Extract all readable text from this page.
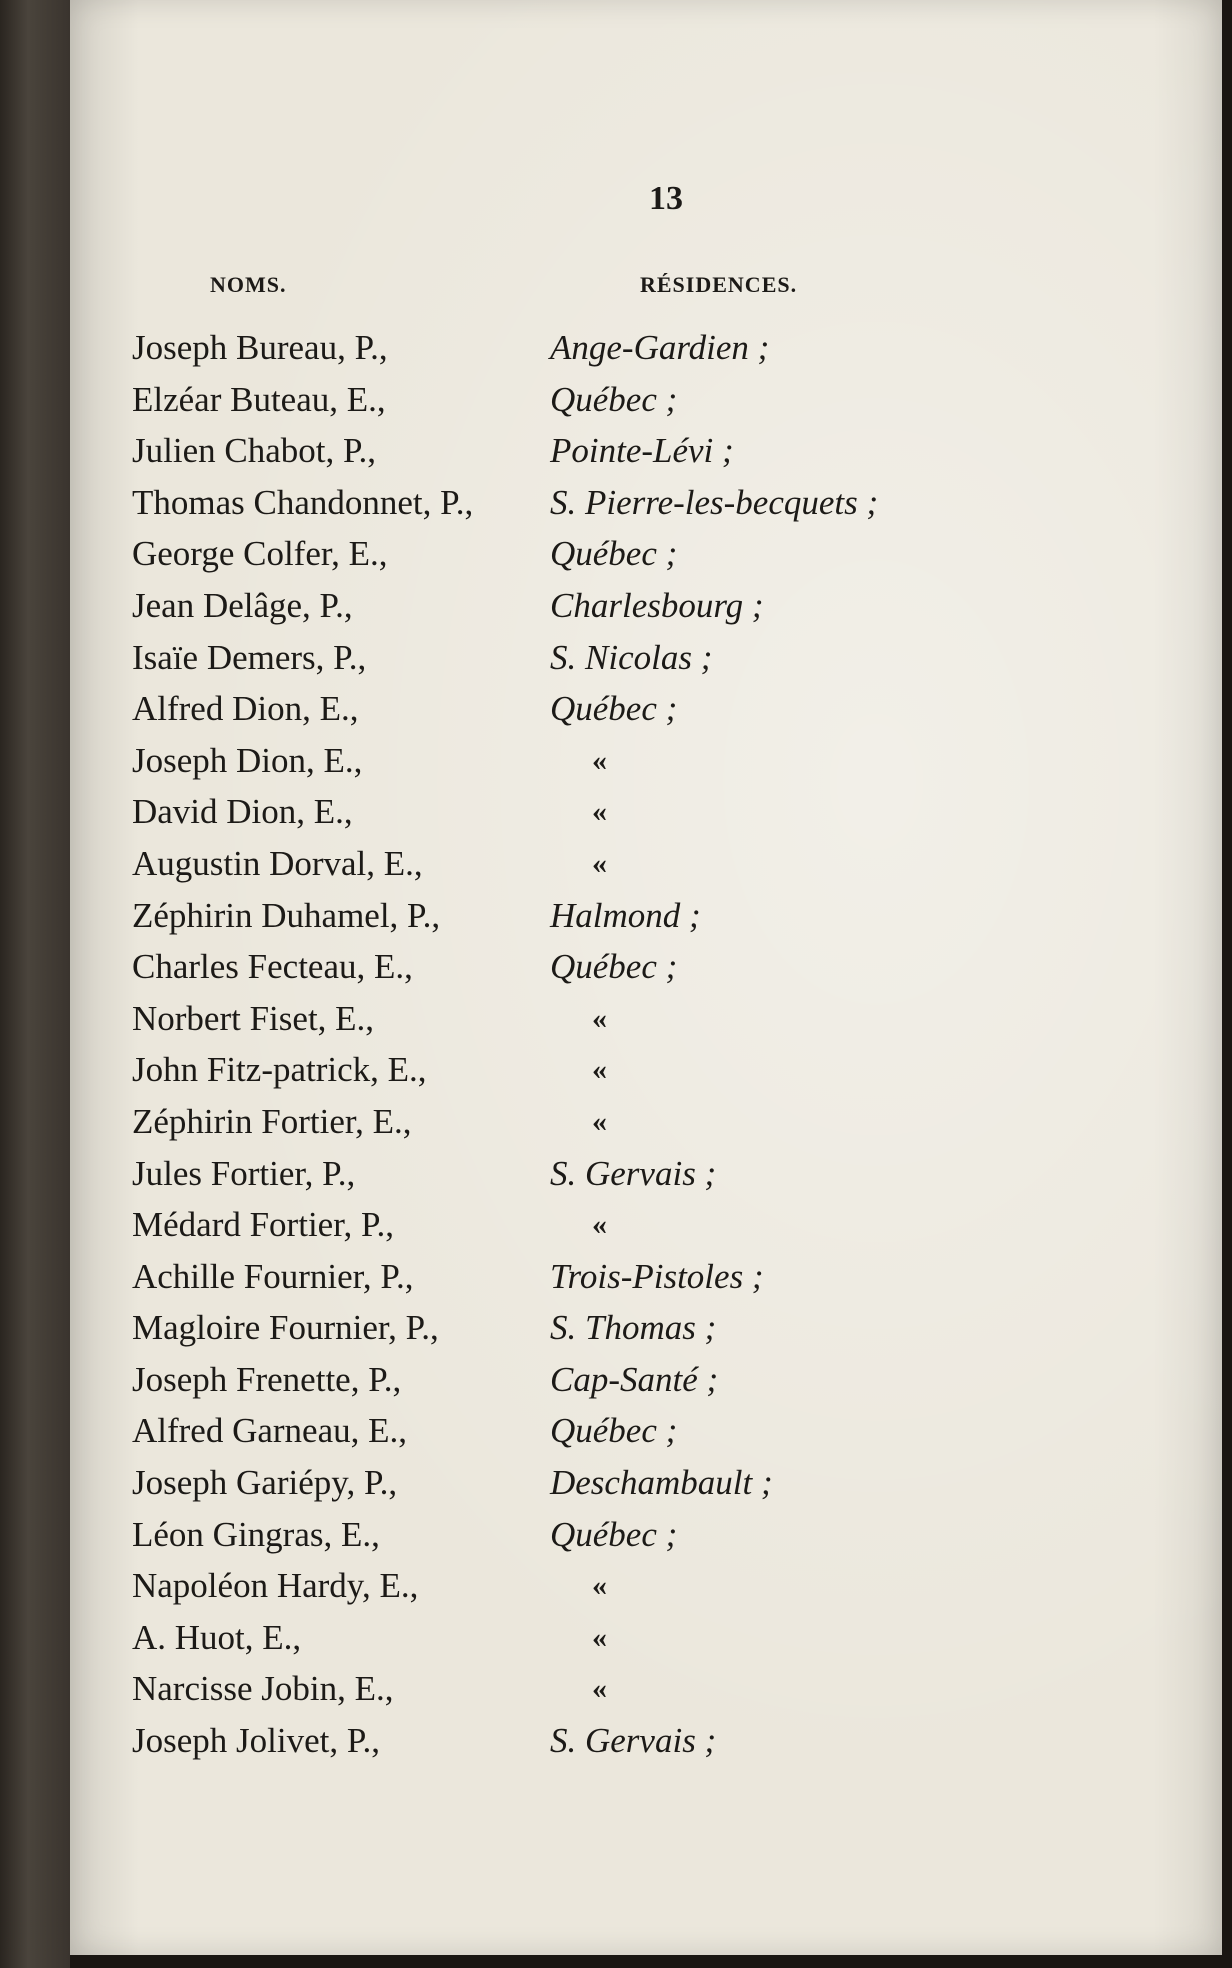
13
NOMS.	RÉSIDENCES.
Joseph Bureau, P.,	Ange-Gardien ;
Elzéar Buteau, E.,	Québec ;
Julien Chabot, P.,	Pointe-Lévi ;
Thomas Chandonnet, P., S. Pierre-les-becquets ;
George Colfer, E.,	Québec ;
Jean Delâge, P.,	Charlesbourg ;
Isaïe Demers, P.,	S. Nicolas ;
Alfred Dion, E.,	Québec ;
Joseph Dion, E.,	«
David Dion, E.,	«
Augustin Dorval, E.,	«
Zéphirin Duhamel, P.,	Halmond ;
Charles Fecteau, E.,	Québec ;
Norbert Fiset, E.,	«
John Fitz-patrick, E.,	«
Zéphirin Fortier, E.,	«
Jules Fortier, P.,	S. Gervais ;
Médard Fortier, P.,	«
Achille Fournier, P.,	Trois-Pistoles ;
Magloire Fournier, P.,	S. Thomas ;
Joseph Frenette, P.,	Cap-Santé ;
Alfred Garneau, E.,	Québec ;
Joseph Gariépy, P.,	Deschambault ;
Léon Gingras, E.,	Québec ;
Napoléon Hardy, E.,	«
A. Huot, E.,	«
Narcisse Jobin, E.,	«
Joseph Jolivet, P.,	S. Gervais ;
